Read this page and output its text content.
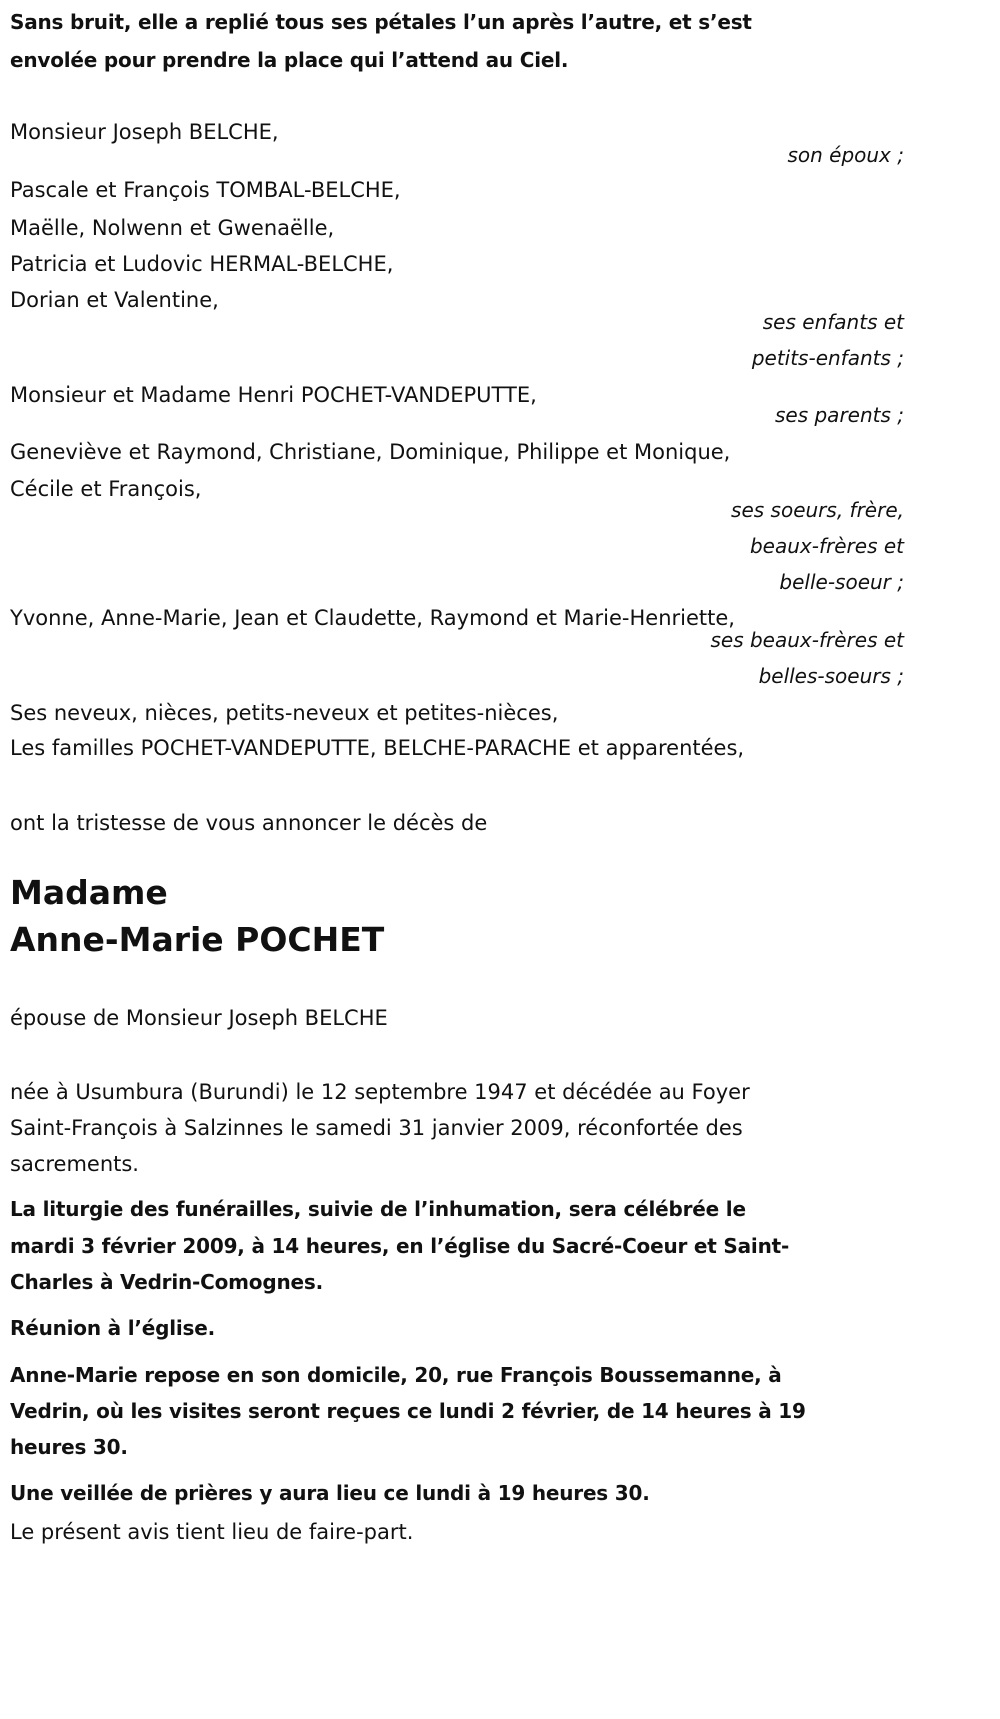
Sans bruit, elle a replié tous ses pétales l’un après l’autre, et s’est
envolée pour prendre la place qui l’attend au Ciel.
Monsieur Joseph BELCHE,
son époux ;
Pascale et François TOMBAL-BELCHE,
Maëlle, Nolwenn et Gwenaëlle,
Patricia et Ludovic HERMAL-BELCHE,
Dorian et Valentine,
ses enfants et
petits-enfants ;
Monsieur et Madame Henri POCHET-VANDEPUTTE,
ses parents ;
Geneviève et Raymond, Christiane, Dominique, Philippe et Monique,
Cécile et François,
ses soeurs, frère,
beaux-frères et
belle-soeur ;
Yvonne, Anne-Marie, Jean et Claudette, Raymond et Marie-Henriette,
ses beaux-frères et
belles-soeurs ;
Ses neveux, nièces, petits-neveux et petites-nièces,
Les familles POCHET-VANDEPUTTE, BELCHE-PARACHE et apparentées,
ont la tristesse de vous annoncer le décès de
Madame
Anne-Marie POCHET
épouse de Monsieur Joseph BELCHE
née à Usumbura (Burundi) le 12 septembre 1947 et décédée au Foyer
Saint-François à Salzinnes le samedi 31 janvier 2009, réconfortée des
sacrements.
La liturgie des funérailles, suivie de l’inhumation, sera célébrée le
mardi 3 février 2009, à 14 heures, en l’église du Sacré-Coeur et Saint-
Charles à Vedrin-Comognes.
Réunion à l’église.
Anne-Marie repose en son domicile, 20, rue François Boussemanne, à
Vedrin, où les visites seront reçues ce lundi 2 février, de 14 heures à 19
heures 30.
Une veillée de prières y aura lieu ce lundi à 19 heures 30.
Le présent avis tient lieu de faire-part.
